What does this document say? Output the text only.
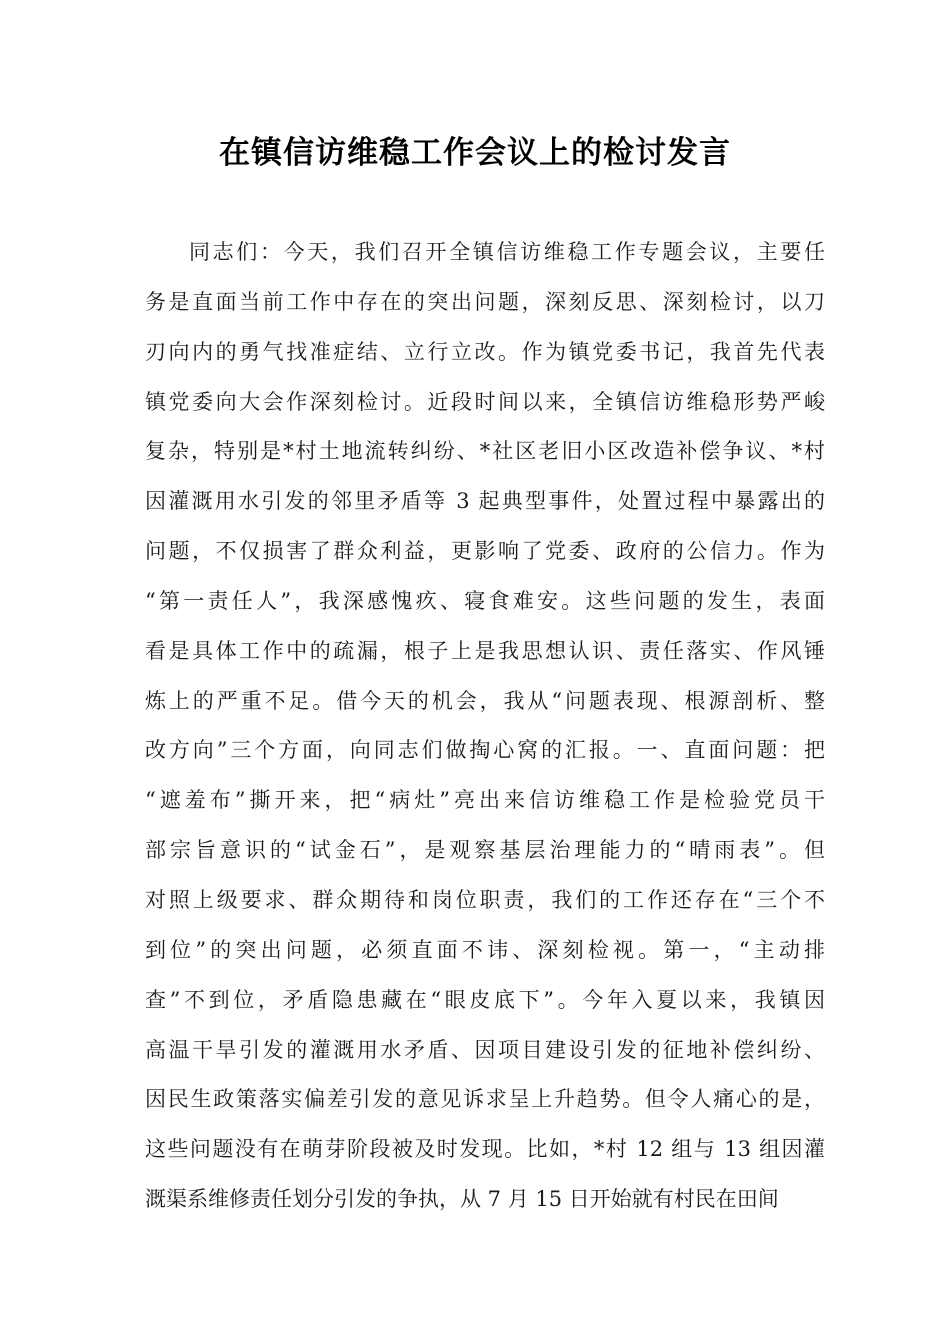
在镇信访维稳工作会议上的检讨发言
同志们：今天，我们召开全镇信访维稳工作专题会议，主要任
务是直面当前工作中存在的突出问题，深刻反思、深刻检讨，以刀
刃向内的勇气找准症结、立行立改。作为镇党委书记，我首先代表
镇党委向大会作深刻检讨。近段时间以来，全镇信访维稳形势严峻
复杂，特别是*村土地流转纠纷、*社区老旧小区改造补偿争议、*村
因灌溉用水引发的邻里矛盾等 3 起典型事件，处置过程中暴露出的
问题，不仅损害了群众利益，更影响了党委、政府的公信力。作为
“第一责任人”，我深感愧疚、寝食难安。这些问题的发生，表面
看是具体工作中的疏漏，根子上是我思想认识、责任落实、作风锤
炼上的严重不足。借今天的机会，我从“问题表现、根源剖析、整
改方向”三个方面，向同志们做掏心窝的汇报。一、直面问题：把
“遮羞布”撕开来，把“病灶”亮出来信访维稳工作是检验党员干
部宗旨意识的“试金石”，是观察基层治理能力的“晴雨表”。但
对照上级要求、群众期待和岗位职责，我们的工作还存在“三个不
到位”的突出问题，必须直面不讳、深刻检视。第一，“主动排
查”不到位，矛盾隐患藏在“眼皮底下”。今年入夏以来，我镇因
高温干旱引发的灌溉用水矛盾、因项目建设引发的征地补偿纠纷、
因民生政策落实偏差引发的意见诉求呈上升趋势。但令人痛心的是，
这些问题没有在萌芽阶段被及时发现。比如，*村 12 组与 13 组因灌
溉渠系维修责任划分引发的争执，从 7 月 15 日开始就有村民在田间
